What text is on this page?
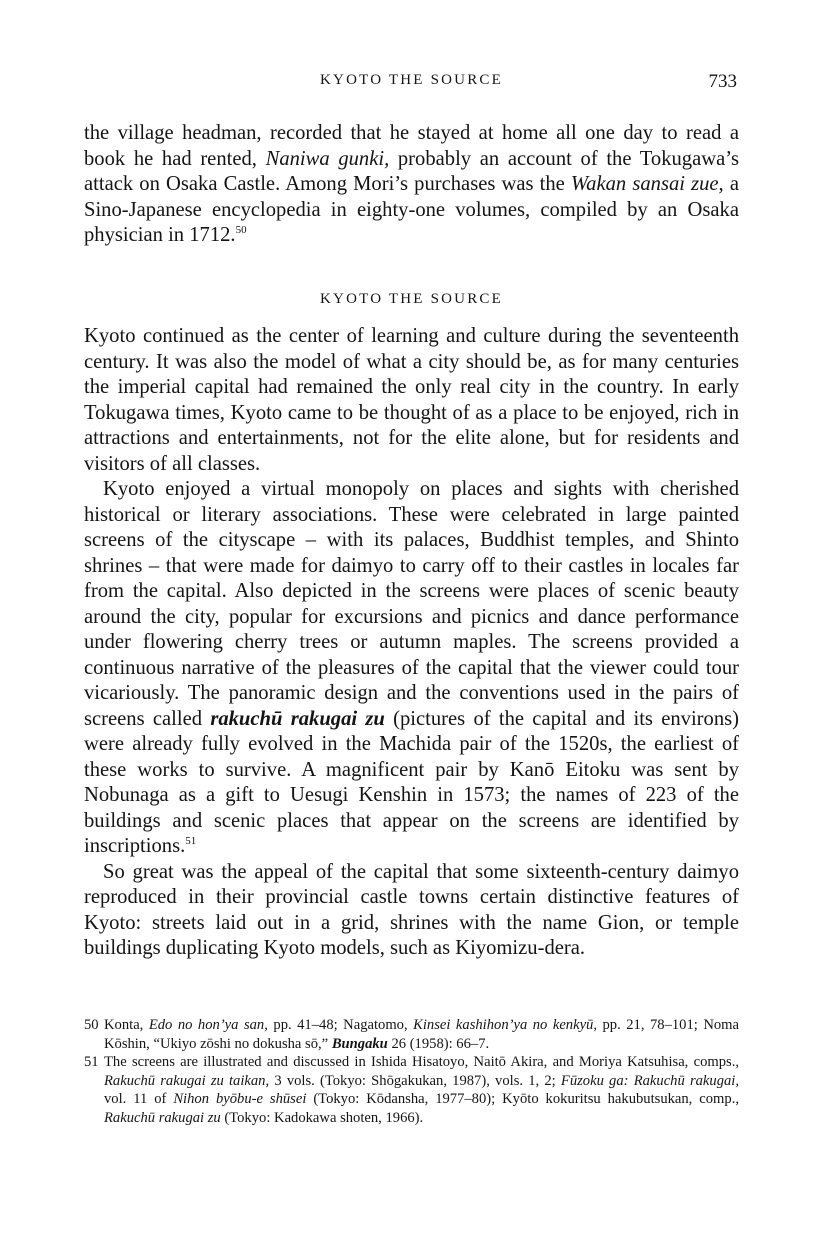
KYOTO THE SOURCE	733

the village headman, recorded that he stayed at home all one day to read a book he had rented, Naniwa gunki, probably an account of the Tokugawa’s attack on Osaka Castle. Among Mori’s purchases was the Wakan sansai zue, a Sino-Japanese encyclopedia in eighty-one volumes, compiled by an Osaka physician in 1712.50

KYOTO THE SOURCE

Kyoto continued as the center of learning and culture during the seventeenth century. It was also the model of what a city should be, as for many centuries the imperial capital had remained the only real city in the country. In early Tokugawa times, Kyoto came to be thought of as a place to be enjoyed, rich in attractions and entertainments, not for the elite alone, but for residents and visitors of all classes.

Kyoto enjoyed a virtual monopoly on places and sights with cherished historical or literary associations. These were celebrated in large painted screens of the cityscape – with its palaces, Buddhist temples, and Shinto shrines – that were made for daimyo to carry off to their castles in locales far from the capital. Also depicted in the screens were places of scenic beauty around the city, popular for excursions and picnics and dance performance under flowering cherry trees or autumn maples. The screens provided a continuous narrative of the pleasures of the capital that the viewer could tour vicariously. The panoramic design and the conventions used in the pairs of screens called rakuchū rakugai zu (pictures of the capital and its environs) were already fully evolved in the Machida pair of the 1520s, the earliest of these works to survive. A magnificent pair by Kanō Eitoku was sent by Nobunaga as a gift to Uesugi Kenshin in 1573; the names of 223 of the buildings and scenic places that appear on the screens are identified by inscriptions.$^{51}$

So great was the appeal of the capital that some sixteenth-century daimyo reproduced in their provincial castle towns certain distinctive features of Kyoto: streets laid out in a grid, shrines with the name Gion, or temple buildings duplicating Kyoto models, such as Kiyomizu-dera.

50 Konta, Edo no hon’ya san, pp. 41–48; Nagatomo, Kinsei kashihon’ya no kenkyū, pp. 21, 78–101; Noma Kōshin, “Ukiyo zōshi no dokusha sō,” Bungaku 26 (1958): 66–7.
51 The screens are illustrated and discussed in Ishida Hisatoyo, Naitō Akira, and Moriya Katsuhisa, comps., Rakuchū rakugai zu taikan, 3 vols. (Tokyo: Shōgakukan, 1987), vols. 1, 2; Fūzoku ga: Rakuchū rakugai, vol. 11 of Nihon byōbu-e shūsei (Tokyo: Kōdansha, 1977–80); Kyōto kokuritsu hakubutsukan, comp., Rakuchū rakugai zu (Tokyo: Kadokawa shoten, 1966).
